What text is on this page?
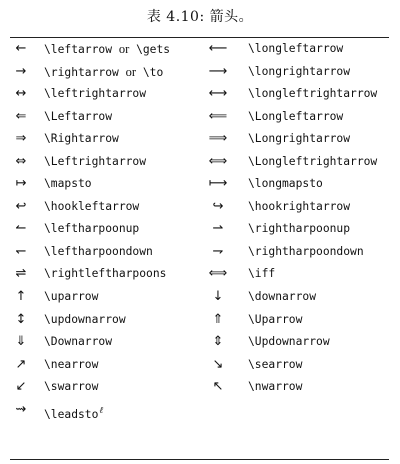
表 4.10: 箭头。
←	\leftarrow or \gets	⟵	\longleftarrow
→	\rightarrow or \to	⟶	\longrightarrow
↔	\leftrightarrow	⟷	\longleftrightarrow
⇐	\Leftarrow	⟸	\Longleftarrow
⇒	\Rightarrow	⟹	\Longrightarrow
⇔	\Leftrightarrow	⟺	\Longleftrightarrow
↦	\mapsto	⟼	\longmapsto
↩	\hookleftarrow	↪	\hookrightarrow
↼	\leftharpoonup	⇀	\rightharpoonup
↽	\leftharpoondown	⇁	\rightharpoondown
⇌	\rightleftharpoons	⟺	\iff
↑	\uparrow	↓	\downarrow
↕	\updownarrow	⇑	\Uparrow
⇓	\Downarrow	⇕	\Updownarrow
↗	\nearrow	↘	\searrow
↙	\swarrow	↖	\nwarrow
⇝	\leadsto$^\ell$
